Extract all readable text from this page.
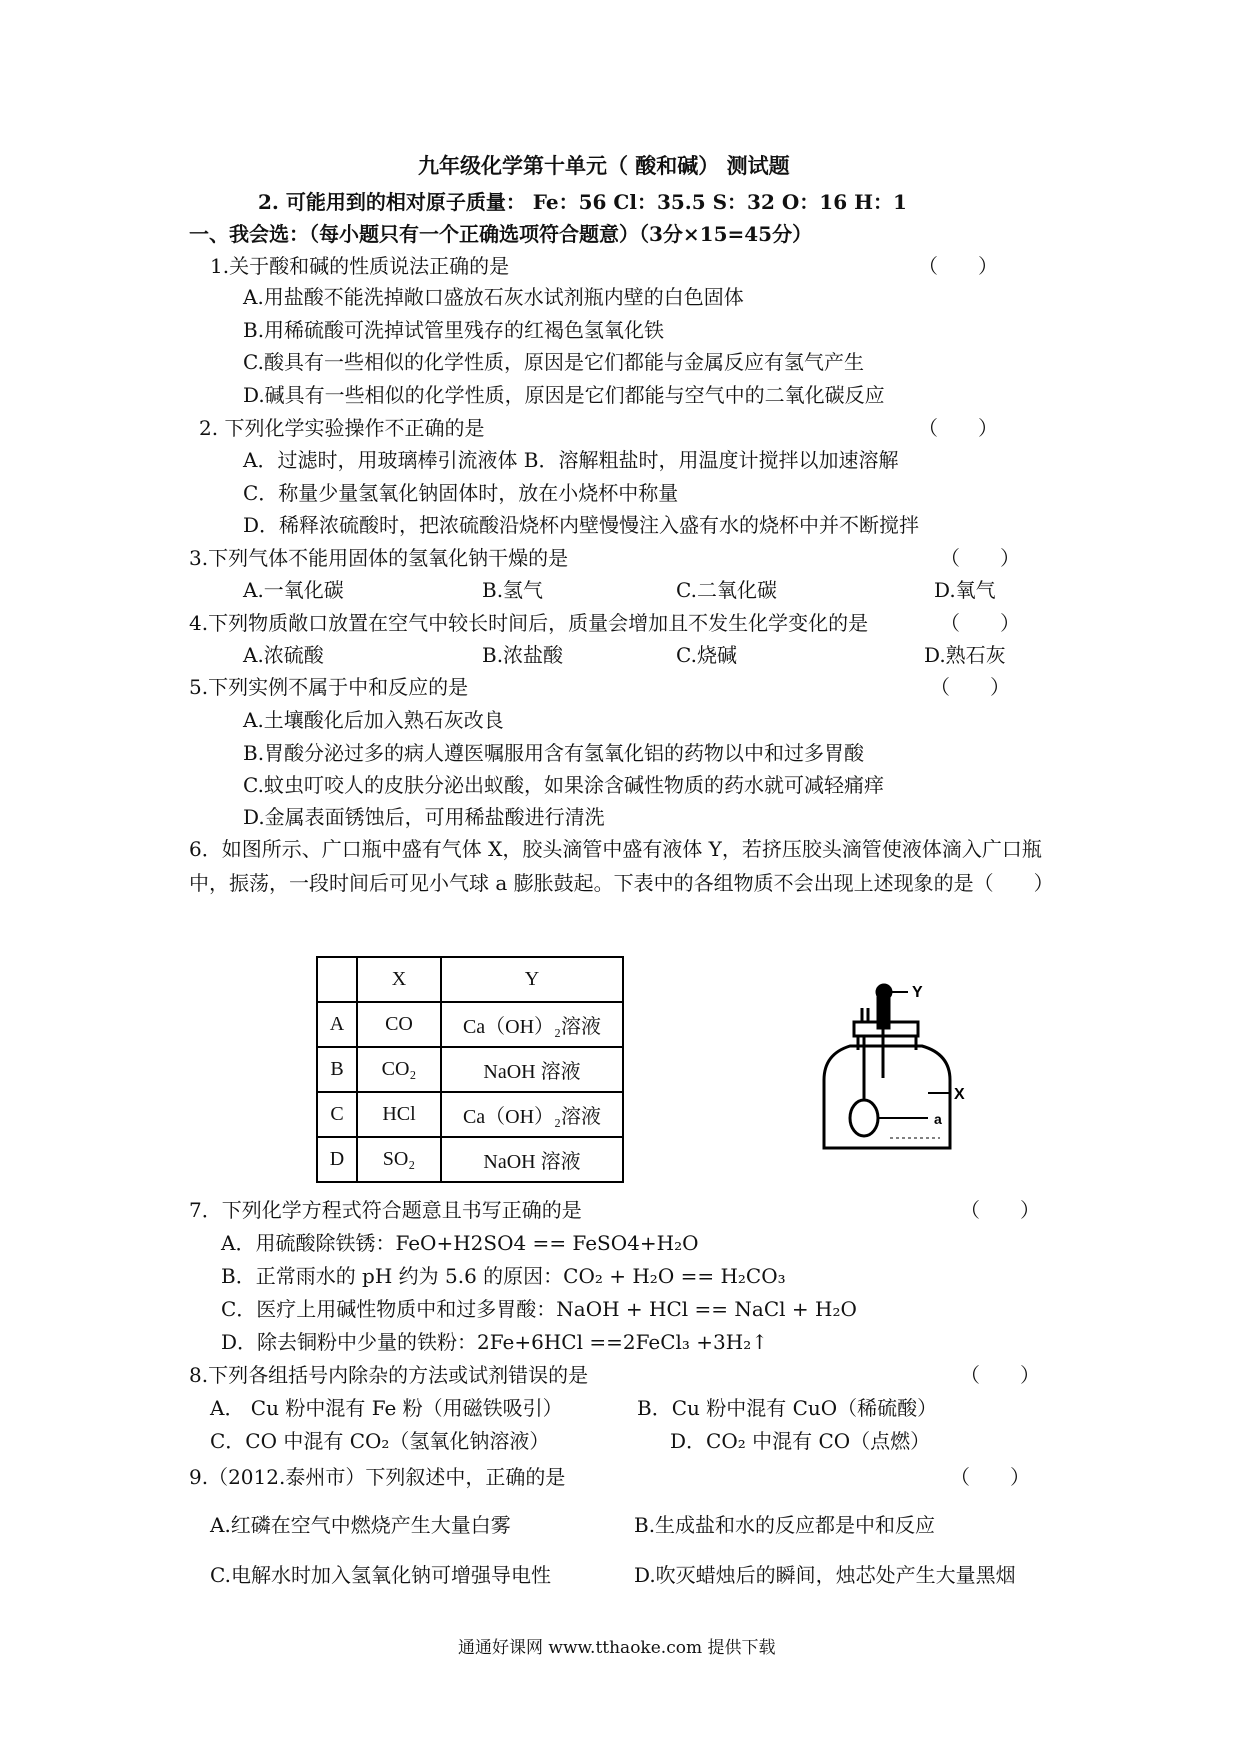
九年级化学第十单元（ 酸和碱） 测试题
2. 可能用到的相对原子质量： Fe：56 Cl：35.5 S：32 O：16 H：1
一、我会选：（每小题只有一个正确选项符合题意）（3分×15=45分）
1.关于酸和碱的性质说法正确的是	（　　）
A.用盐酸不能洗掉敞口盛放石灰水试剂瓶内壁的白色固体
B.用稀硫酸可洗掉试管里残存的红褐色氢氧化铁
C.酸具有一些相似的化学性质，原因是它们都能与金属反应有氢气产生
D.碱具有一些相似的化学性质，原因是它们都能与空气中的二氧化碳反应
2. 下列化学实验操作不正确的是	（　　）
A．过滤时，用玻璃棒引流液体 B．溶解粗盐时，用温度计搅拌以加速溶解
C．称量少量氢氧化钠固体时，放在小烧杯中称量
D．稀释浓硫酸时，把浓硫酸沿烧杯内壁慢慢注入盛有水的烧杯中并不断搅拌
3.下列气体不能用固体的氢氧化钠干燥的是	（　　）
A.一氧化碳	B.氢气	C.二氧化碳	D.氧气
4.下列物质敞口放置在空气中较长时间后，质量会增加且不发生化学变化的是	（　　）
A.浓硫酸	B.浓盐酸	C.烧碱	D.熟石灰
5.下列实例不属于中和反应的是	（　　）
A.土壤酸化后加入熟石灰改良
B.胃酸分泌过多的病人遵医嘱服用含有氢氧化铝的药物以中和过多胃酸
C.蚊虫叮咬人的皮肤分泌出蚁酸，如果涂含碱性物质的药水就可减轻痛痒
D.金属表面锈蚀后，可用稀盐酸进行清洗
6．如图所示、广口瓶中盛有气体 X，胶头滴管中盛有液体 Y，若挤压胶头滴管使液体滴入广口瓶中，振荡，一段时间后可见小气球 a 膨胀鼓起。下表中的各组物质不会出现上述现象的是（　　）
	X	Y
A	CO	Ca（OH）₂溶液
B	CO₂	NaOH 溶液
C	HCl	Ca（OH）₂溶液
D	SO₂	NaOH 溶液
Y
X
a
7．下列化学方程式符合题意且书写正确的是	（　　）
A．用硫酸除铁锈：FeO+H2SO4 == FeSO4+H₂O
B．正常雨水的 pH 约为 5.6 的原因：CO₂ + H₂O == H₂CO₃
C．医疗上用碱性物质中和过多胃酸：NaOH + HCl == NaCl + H₂O
D．除去铜粉中少量的铁粉：2Fe+6HCl ==2FeCl₃ +3H₂↑
8.下列各组括号内除杂的方法或试剂错误的是	（　　）
A． Cu 粉中混有 Fe 粉（用磁铁吸引）	B．Cu 粉中混有 CuO（稀硫酸）
C．CO 中混有 CO₂（氢氧化钠溶液）	D．CO₂ 中混有 CO（点燃）
9.（2012.泰州市）下列叙述中，正确的是	（　　）
A.红磷在空气中燃烧产生大量白雾	B.生成盐和水的反应都是中和反应
C.电解水时加入氢氧化钠可增强导电性	D.吹灭蜡烛后的瞬间，烛芯处产生大量黑烟
通通好课网 www.tthaoke.com 提供下载
